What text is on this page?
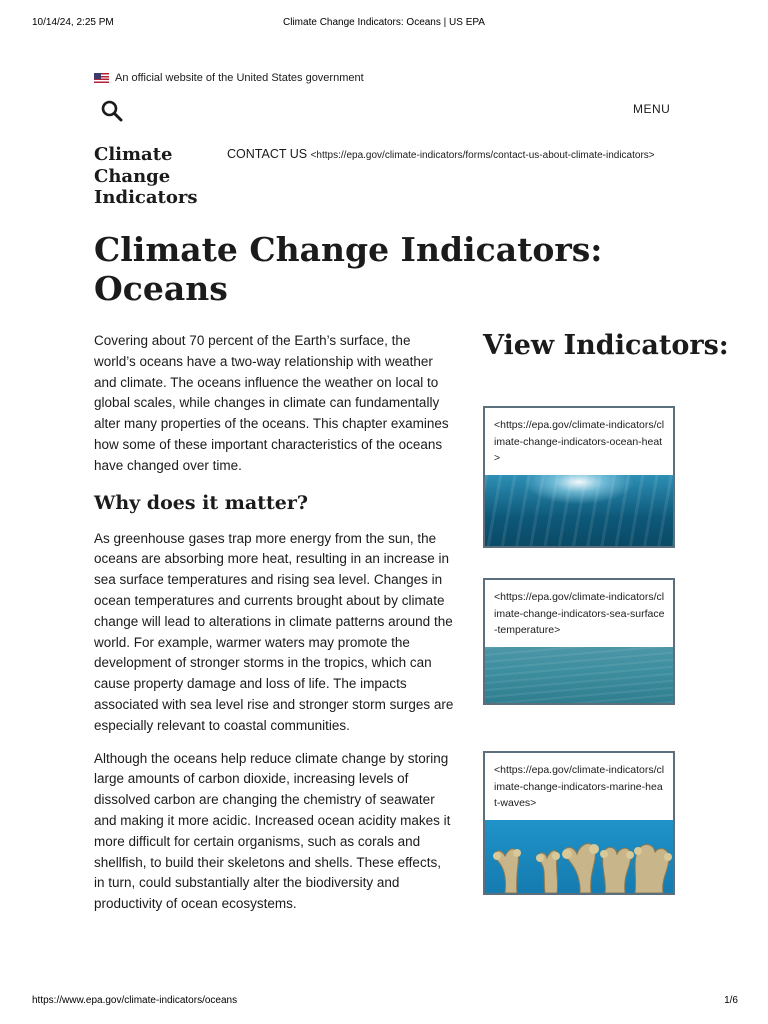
10/14/24, 2:25 PM	Climate Change Indicators: Oceans | US EPA
An official website of the United States government
MENU
Climate Change Indicators
CONTACT US <https://epa.gov/climate-indicators/forms/contact-us-about-climate-indicators>
Climate Change Indicators: Oceans

Covering about 70 percent of the Earth’s surface, the world’s oceans have a two-way relationship with weather and climate. The oceans influence the weather on local to global scales, while changes in climate can fundamentally alter many properties of the oceans. This chapter examines how some of these important characteristics of the oceans have changed over time.

Why does it matter?

As greenhouse gases trap more energy from the sun, the oceans are absorbing more heat, resulting in an increase in sea surface temperatures and rising sea level. Changes in ocean temperatures and currents brought about by climate change will lead to alterations in climate patterns around the world. For example, warmer waters may promote the development of stronger storms in the tropics, which can cause property damage and loss of life. The impacts associated with sea level rise and stronger storm surges are especially relevant to coastal communities.

Although the oceans help reduce climate change by storing large amounts of carbon dioxide, increasing levels of dissolved carbon are changing the chemistry of seawater and making it more acidic. Increased ocean acidity makes it more difficult for certain organisms, such as corals and shellfish, to build their skeletons and shells. These effects, in turn, could substantially alter the biodiversity and productivity of ocean ecosystems.

View Indicators:
<https://epa.gov/climate-indicators/climate-change-indicators-ocean-heat>
<https://epa.gov/climate-indicators/climate-change-indicators-sea-surface-temperature>
<https://epa.gov/climate-indicators/climate-change-indicators-marine-heat-waves>
https://www.epa.gov/climate-indicators/oceans	1/6
